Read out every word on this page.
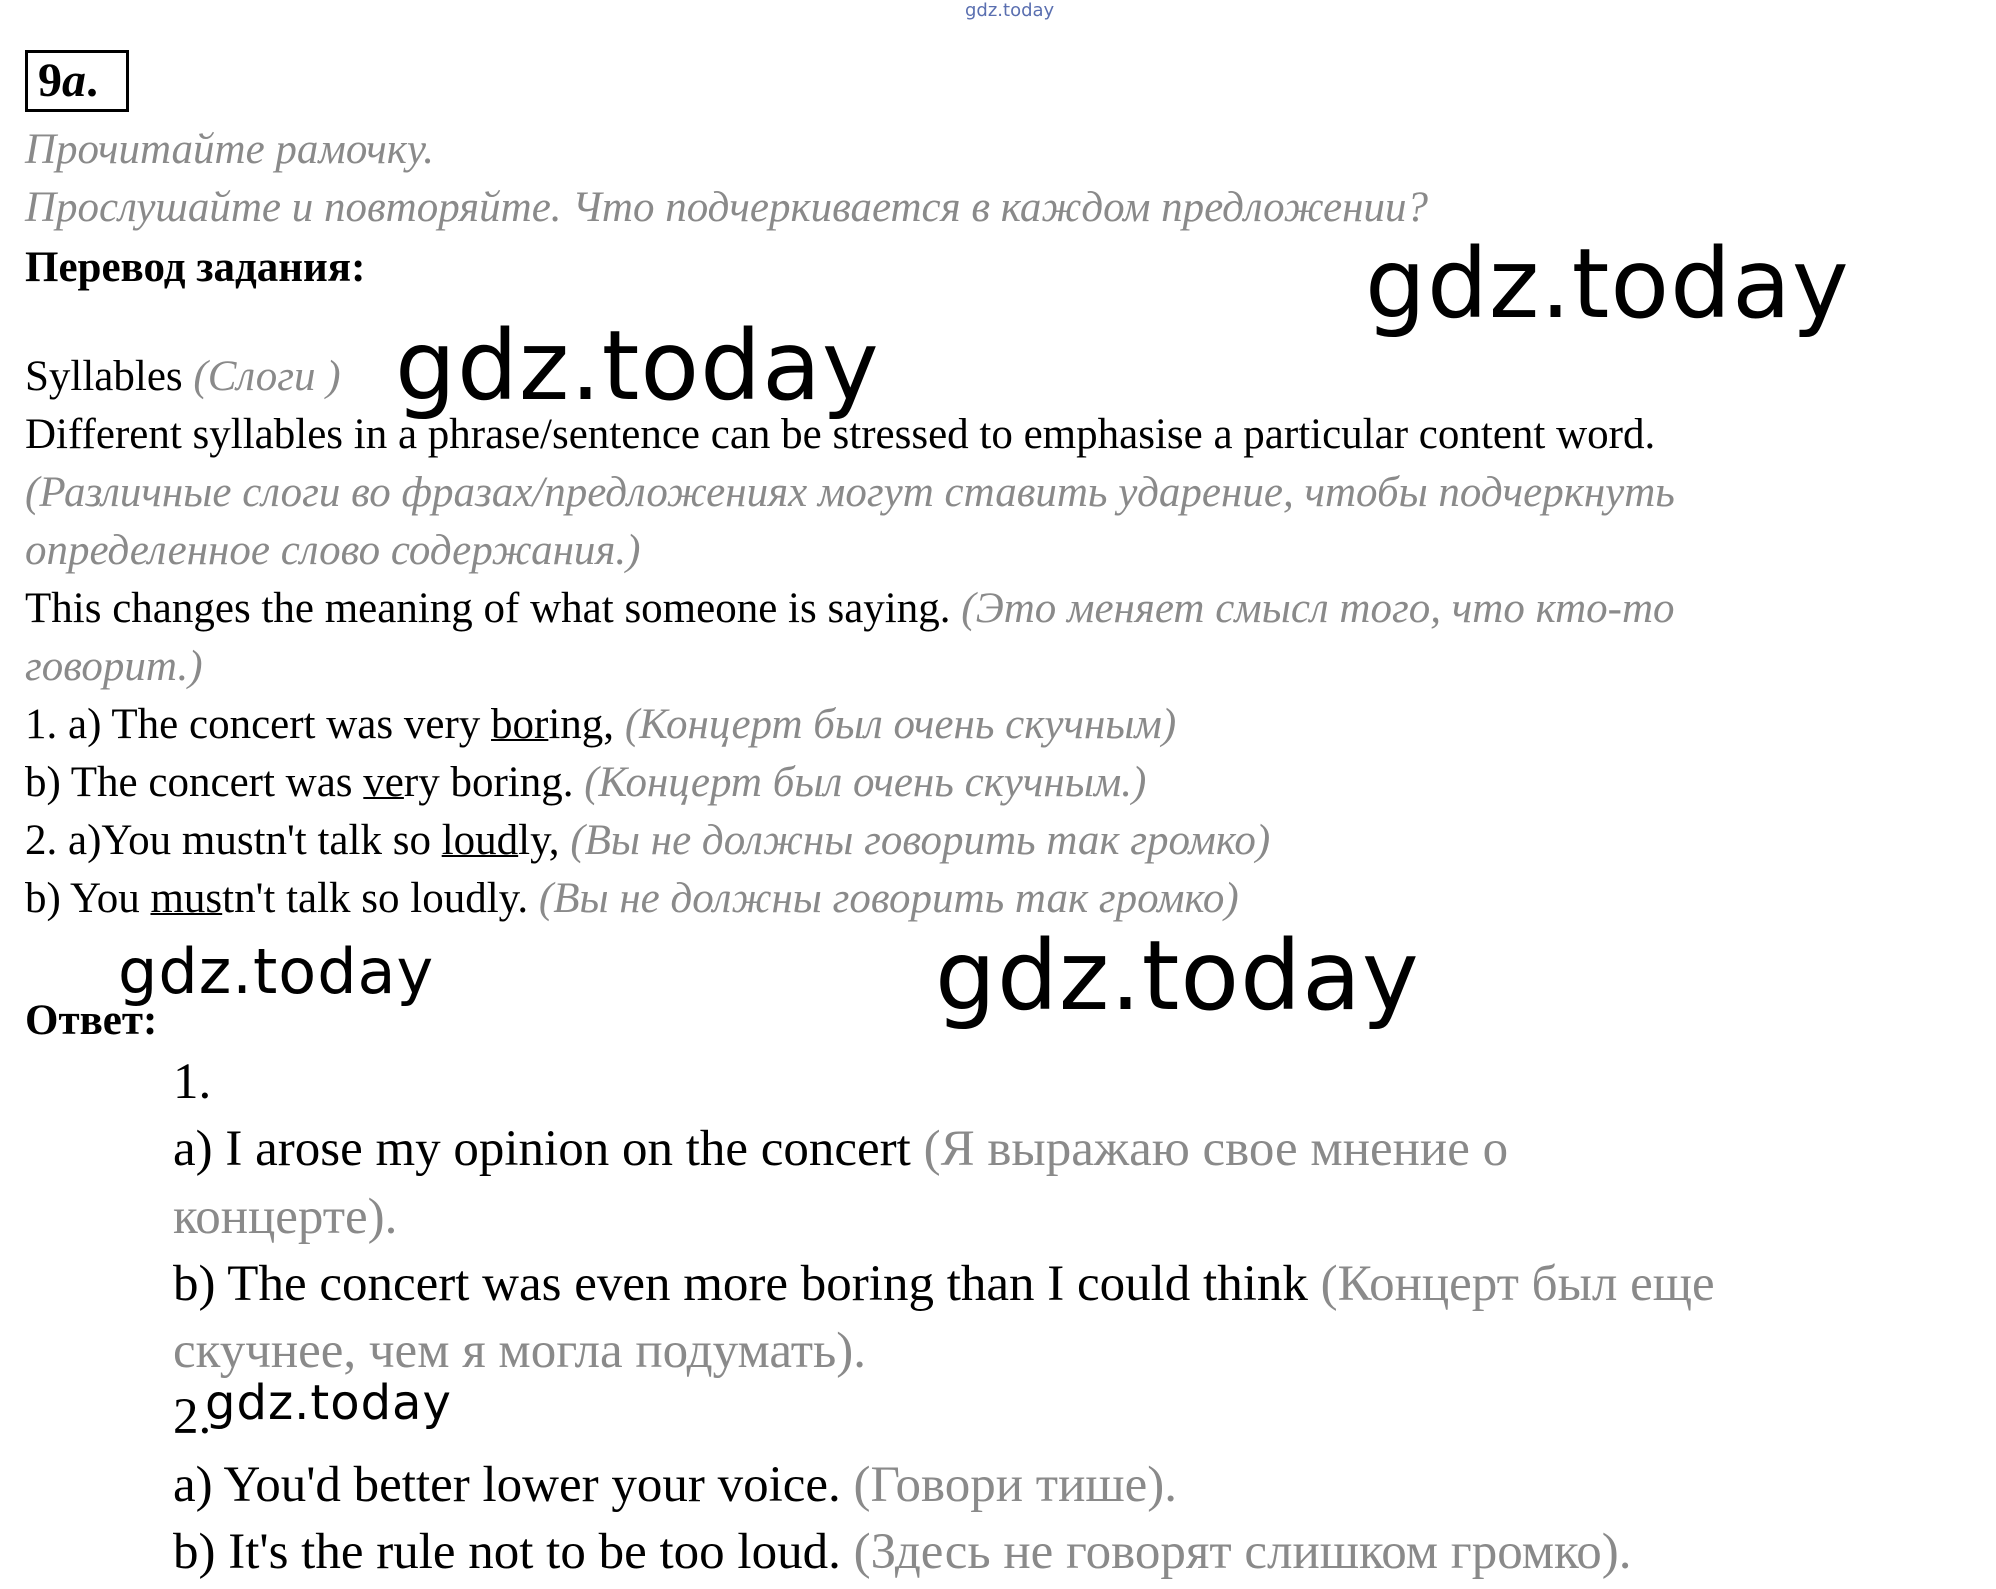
gdz.today
9a.
Прочитайте рамочку.
Прослушайте и повторяйте. Что подчеркивается в каждом предложении?
Перевод задания:	gdz.today
gdz.today
gdz.today	gdz.today
gdz.today
Syllables (Слоги )
Different syllables in a phrase/sentence can be stressed to emphasise a particular content word.
(Различные слоги во фразах/предложениях могут ставить ударение, чтобы подчеркнуть
определенное слово содержания.)
This changes the meaning of what someone is saying. (Это меняет смысл того, что кто-то
говорит.)
1. a) The concert was very boring, (Концерт был очень скучным)
b) The concert was very boring. (Концерт был очень скучным.)
2. a)You mustn't talk so loudly, (Вы не должны говорить так громко)
b) You mustn't talk so loudly. (Вы не должны говорить так громко)
Ответ:
1.
a) I arose my opinion on the concert (Я выражаю свое мнение о
концерте).
b) The concert was even more boring than I could think (Концерт был еще
скучнее, чем я могла подумать).
2.
a) You'd better lower your voice. (Говори тише).
b) It's the rule not to be too loud. (Здесь не говорят слишком громко).
